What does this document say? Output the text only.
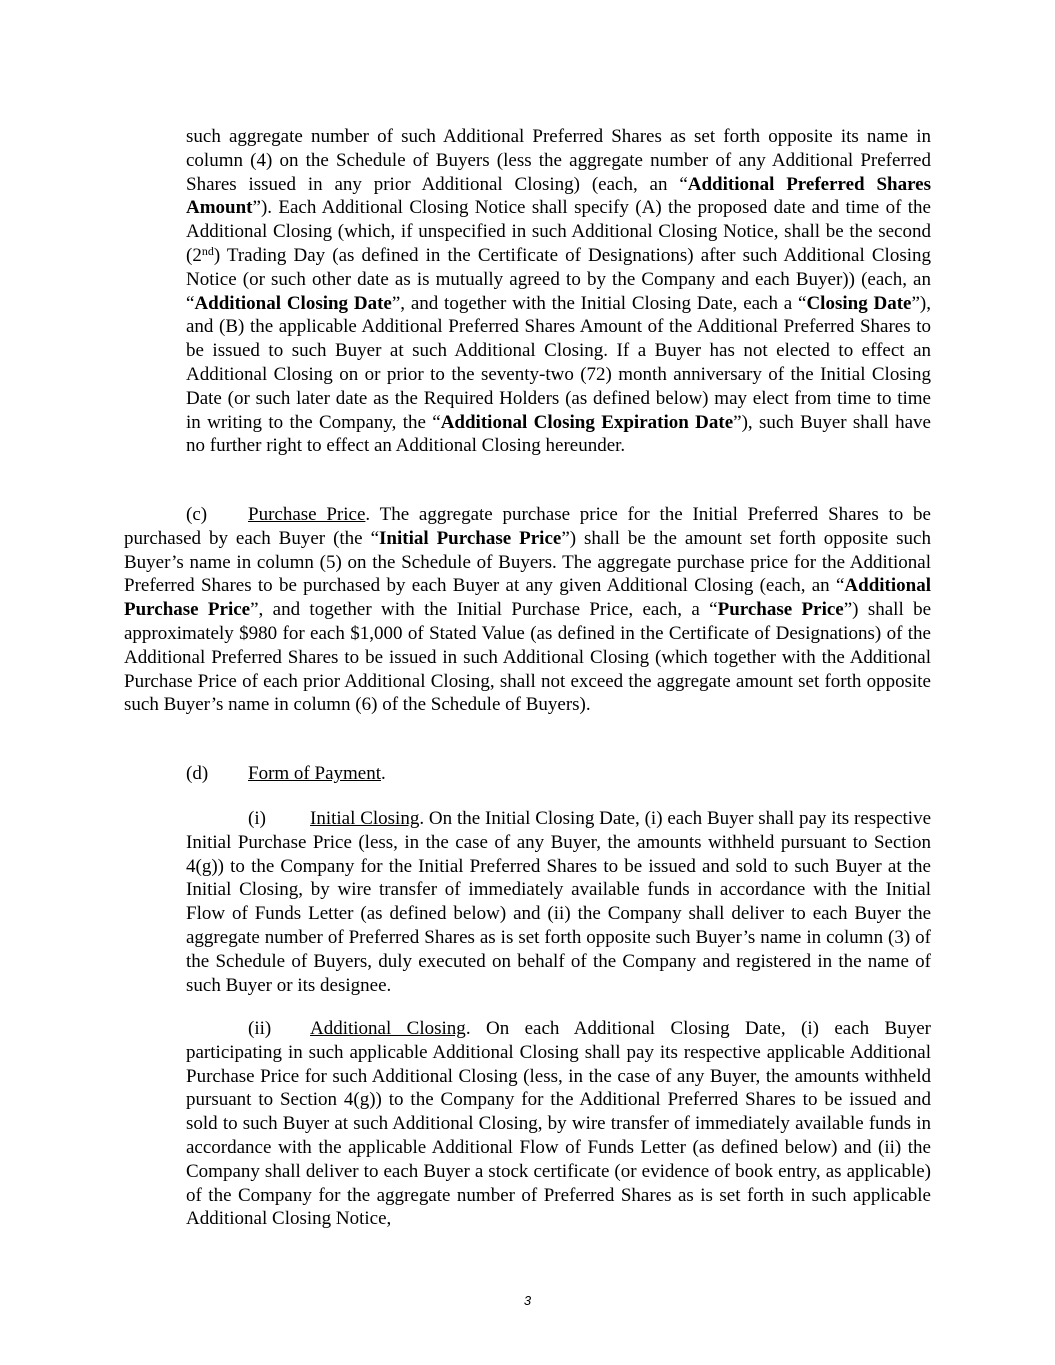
such aggregate number of such Additional Preferred Shares as set forth opposite its name in column (4) on the Schedule of Buyers (less the aggregate number of any Additional Preferred Shares issued in any prior Additional Closing) (each, an “Additional Preferred Shares Amount”). Each Additional Closing Notice shall specify (A) the proposed date and time of the Additional Closing (which, if unspecified in such Additional Closing Notice, shall be the second (2nd) Trading Day (as defined in the Certificate of Designations) after such Additional Closing Notice (or such other date as is mutually agreed to by the Company and each Buyer)) (each, an “Additional Closing Date”, and together with the Initial Closing Date, each a “Closing Date”), and (B) the applicable Additional Preferred Shares Amount of the Additional Preferred Shares to be issued to such Buyer at such Additional Closing. If a Buyer has not elected to effect an Additional Closing on or prior to the seventy-two (72) month anniversary of the Initial Closing Date (or such later date as the Required Holders (as defined below) may elect from time to time in writing to the Company, the “Additional Closing Expiration Date”), such Buyer shall have no further right to effect an Additional Closing hereunder.

(c) Purchase Price. The aggregate purchase price for the Initial Preferred Shares to be purchased by each Buyer (the “Initial Purchase Price”) shall be the amount set forth opposite such Buyer’s name in column (5) on the Schedule of Buyers. The aggregate purchase price for the Additional Preferred Shares to be purchased by each Buyer at any given Additional Closing (each, an “Additional Purchase Price”, and together with the Initial Purchase Price, each, a “Purchase Price”) shall be approximately $980 for each $1,000 of Stated Value (as defined in the Certificate of Designations) of the Additional Preferred Shares to be issued in such Additional Closing (which together with the Additional Purchase Price of each prior Additional Closing, shall not exceed the aggregate amount set forth opposite such Buyer’s name in column (6) of the Schedule of Buyers).

(d) Form of Payment.

(i) Initial Closing. On the Initial Closing Date, (i) each Buyer shall pay its respective Initial Purchase Price (less, in the case of any Buyer, the amounts withheld pursuant to Section 4(g)) to the Company for the Initial Preferred Shares to be issued and sold to such Buyer at the Initial Closing, by wire transfer of immediately available funds in accordance with the Initial Flow of Funds Letter (as defined below) and (ii) the Company shall deliver to each Buyer the aggregate number of Preferred Shares as is set forth opposite such Buyer’s name in column (3) of the Schedule of Buyers, duly executed on behalf of the Company and registered in the name of such Buyer or its designee.

(ii) Additional Closing. On each Additional Closing Date, (i) each Buyer participating in such applicable Additional Closing shall pay its respective applicable Additional Purchase Price for such Additional Closing (less, in the case of any Buyer, the amounts withheld pursuant to Section 4(g)) to the Company for the Additional Preferred Shares to be issued and sold to such Buyer at such Additional Closing, by wire transfer of immediately available funds in accordance with the applicable Additional Flow of Funds Letter (as defined below) and (ii) the Company shall deliver to each Buyer a stock certificate (or evidence of book entry, as applicable) of the Company for the aggregate number of Preferred Shares as is set forth in such applicable Additional Closing Notice,

3
